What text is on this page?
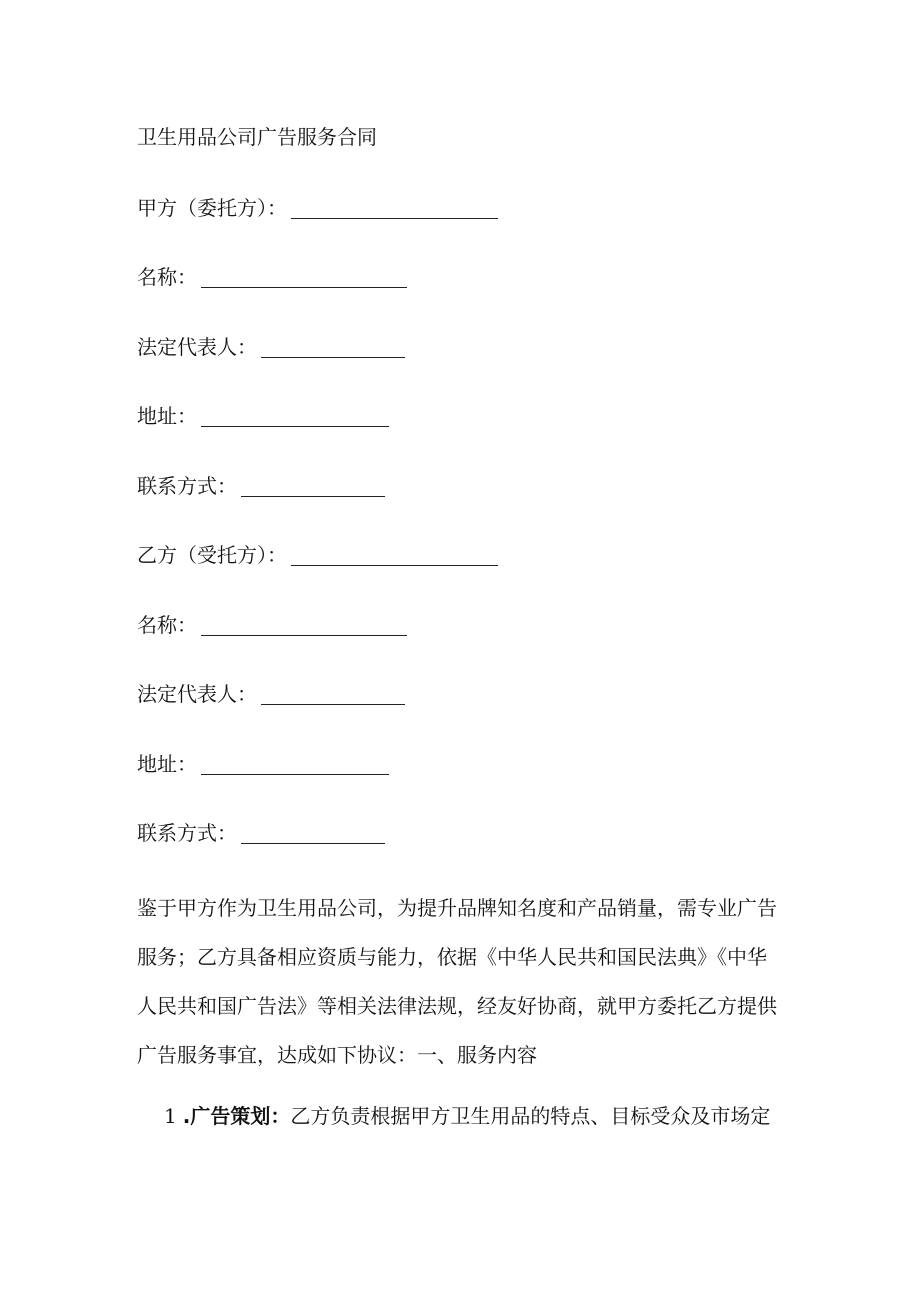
卫生用品公司广告服务合同
甲方（委托方）：
名称：
法定代表人：
地址：
联系方式：
乙方（受托方）：
名称：
法定代表人：
地址：
联系方式：
鉴于甲方作为卫生用品公司，为提升品牌知名度和产品销量，需专业广告
服务；乙方具备相应资质与能力，依据《中华人民共和国民法典》《中华
人民共和国广告法》等相关法律法规，经友好协商，就甲方委托乙方提供
广告服务事宜，达成如下协议：一、服务内容
1 .广告策划：乙方负责根据甲方卫生用品的特点、目标受众及市场定
